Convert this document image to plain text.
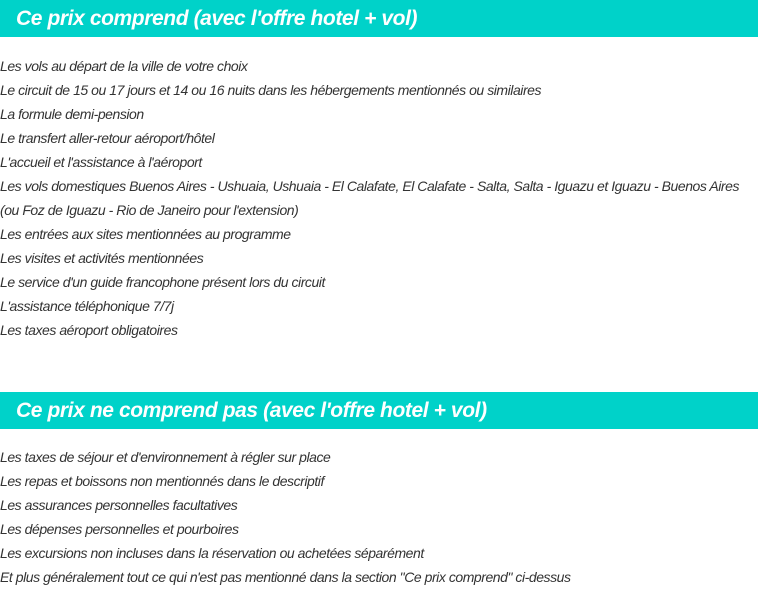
Ce prix comprend (avec l'offre hotel + vol)
Les vols au départ de la ville de votre choix
Le circuit de 15 ou 17 jours et 14 ou 16 nuits dans les hébergements mentionnés ou similaires
La formule demi-pension
Le transfert aller-retour aéroport/hôtel
L'accueil et l'assistance à l'aéroport
Les vols domestiques Buenos Aires - Ushuaia, Ushuaia - El Calafate, El Calafate - Salta, Salta - Iguazu et Iguazu - Buenos Aires (ou Foz de Iguazu - Rio de Janeiro pour l'extension)
Les entrées aux sites mentionnées au programme
Les visites et activités mentionnées
Le service d'un guide francophone présent lors du circuit
L'assistance téléphonique 7/7j
Les taxes aéroport obligatoires
Ce prix ne comprend pas (avec l'offre hotel + vol)
Les taxes de séjour et d'environnement à régler sur place
Les repas et boissons non mentionnés dans le descriptif
Les assurances personnelles facultatives
Les dépenses personnelles et pourboires
Les excursions non incluses dans la réservation ou achetées séparément
Et plus généralement tout ce qui n'est pas mentionné dans la section "Ce prix comprend" ci-dessus
